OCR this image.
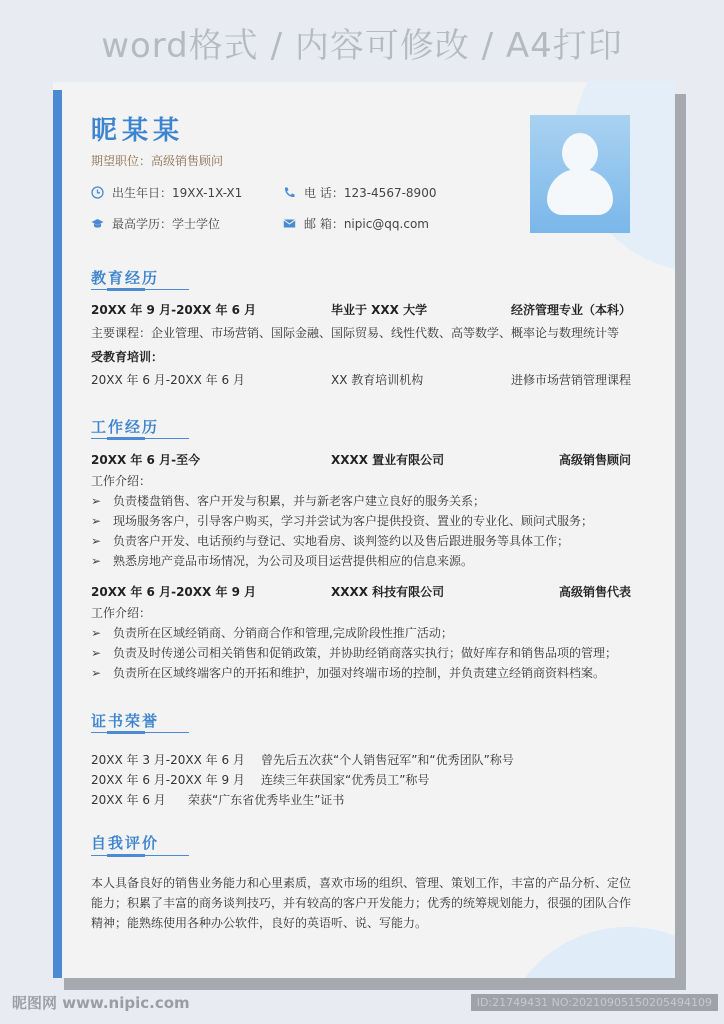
word格式 / 内容可修改 / A4打印
昵某某
期望职位：高级销售顾问
出生年日：19XX-1X-X1	电 话：123-4567-8900
最高学历：学士学位	邮 箱：nipic@qq.com
教育经历
20XX 年 9 月-20XX 年 6 月	毕业于 XXX 大学	经济管理专业（本科）
主要课程：企业管理、市场营销、国际金融、国际贸易、线性代数、高等数学、概率论与数理统计等
受教育培训：
20XX 年 6 月-20XX 年 6 月	XX 教育培训机构	进修市场营销管理课程
工作经历
20XX 年 6 月-至今	XXXX 置业有限公司	高级销售顾问
工作介绍：
➢ 负责楼盘销售、客户开发与积累，并与新老客户建立良好的服务关系；
➢ 现场服务客户，引导客户购买，学习并尝试为客户提供投资、置业的专业化、顾问式服务；
➢ 负责客户开发、电话预约与登记、实地看房、谈判签约以及售后跟进服务等具体工作；
➢ 熟悉房地产竞品市场情况，为公司及项目运营提供相应的信息来源。
20XX 年 6 月-20XX 年 9 月	XXXX 科技有限公司	高级销售代表
工作介绍：
➢ 负责所在区域经销商、分销商合作和管理,完成阶段性推广活动；
➢ 负责及时传递公司相关销售和促销政策，并协助经销商落实执行；做好库存和销售品项的管理；
➢ 负责所在区域终端客户的开拓和维护，加强对终端市场的控制，并负责建立经销商资料档案。
证书荣誉
20XX 年 3 月-20XX 年 6 月 曾先后五次获“个人销售冠军”和“优秀团队”称号
20XX 年 6 月-20XX 年 9 月 连续三年获国家“优秀员工”称号
20XX 年 6 月 荣获“广东省优秀毕业生”证书
自我评价
本人具备良好的销售业务能力和心里素质，喜欢市场的组织、管理、策划工作，丰富的产品分析、定位能力；积累了丰富的商务谈判技巧，并有较高的客户开发能力；优秀的统筹规划能力，很强的团队合作精神；能熟练使用各种办公软件，良好的英语听、说、写能力。
昵图网 www.nipic.com	ID:21749431 NO:20210905150205494109
